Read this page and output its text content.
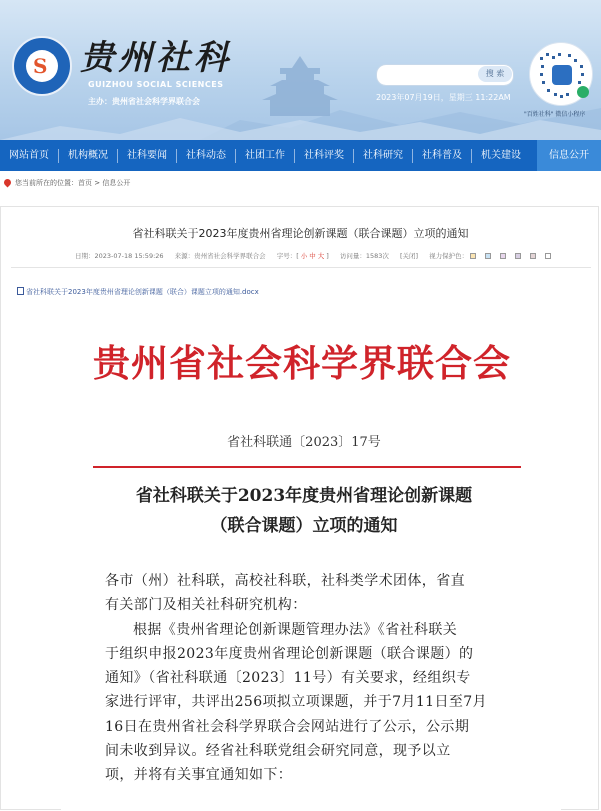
S 贵州社科
GUIZHOU SOCIAL SCIENCES
主办：贵州省社会科学界联合会
搜 索
2023年07月19日，星期三 11:22AM
"百姓社科" 微信小程序
网站首页	机构概况	社科要闻	社科动态	社团工作	社科评奖	社科研究	社科普及	机关建设	信息公开
您当前所在的位置：首页 > 信息公开
省社科联关于2023年度贵州省理论创新课题（联合课题）立项的通知
日期：2023-07-18 15:59:26 来源：贵州省社会科学界联合会 字号：[ 小 中 大 ] 访问量：1583次 [关闭] 视力保护色：
省社科联关于2023年度贵州省理论创新课题（联合）课题立项的通知.docx
贵州省社会科学界联合会
省社科联通〔2023〕17号
省社科联关于2023年度贵州省理论创新课题
（联合课题）立项的通知

各市（州）社科联，高校社科联，社科类学术团体，省直

有关部门及相关社科研究机构：

根据《贵州省理论创新课题管理办法》《省社科联关

于组织申报2023年度贵州省理论创新课题（联合课题）的

通知》（省社科联通〔2023〕11号）有关要求，经组织专

家进行评审，共评出256项拟立项课题，并于7月11日至7月

16日在贵州省社会科学界联合会网站进行了公示，公示期

间未收到异议。经省社科联党组会研究同意，现予以立

项，并将有关事宜通知如下：
